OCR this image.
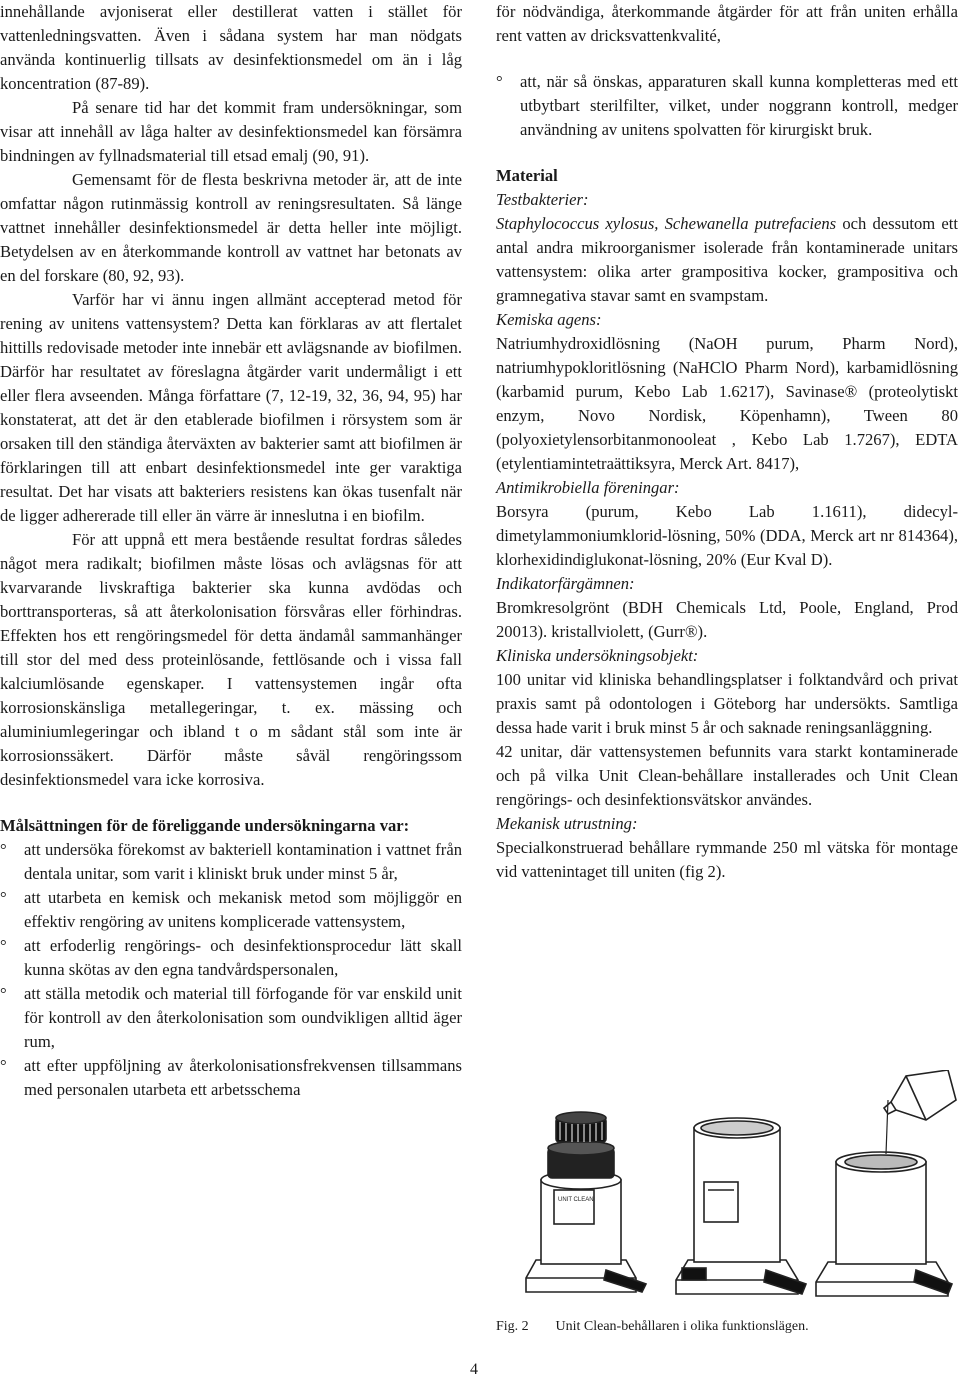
innehållande avjoniserat eller destillerat vatten i stället för vattenledningsvatten. Även i sådana system har man nödgats använda kontinuerlig tillsats av desinfektionsmedel om än i låg koncentration (87-89).

På senare tid har det kommit fram undersökningar, som visar att innehåll av låga halter av desinfektionsmedel kan försämra bindningen av fyllnadsmaterial till etsad emalj (90, 91).

Gemensamt för de flesta beskrivna metoder är, att de inte omfattar någon rutinmässig kontroll av reningsresultaten. Så länge vattnet innehåller desinfektionsmedel är detta heller inte möjligt. Betydelsen av en återkommande kontroll av vattnet har betonats av en del forskare (80, 92, 93).

Varför har vi ännu ingen allmänt accepterad metod för rening av unitens vattensystem? Detta kan förklaras av att flertalet hittills redovisade metoder inte innebär ett avlägsnande av biofilmen. Därför har resultatet av föreslagna åtgärder varit undermåligt i ett eller flera avseenden. Många författare (7, 12-19, 32, 36, 94, 95) har konstaterat, att det är den etablerade biofilmen i rörsystem som är orsaken till den ständiga återväxten av bakterier samt att biofilmen är förklaringen till att enbart desinfektionsmedel inte ger varaktiga resultat. Det har visats att bakteriers resistens kan ökas tusenfalt när de ligger adhererade till eller än värre är inneslutna i en biofilm.

För att uppnå ett mera bestående resultat fordras således något mera radikalt; biofilmen måste lösas och avlägsnas för att kvarvarande livskraftiga bakterier ska kunna avdödas och borttransporteras, så att återkolonisation försvåras eller förhindras. Effekten hos ett rengöringsmedel för detta ändamål sammanhänger till stor del med dess proteinlösande, fettlösande och i vissa fall kalciumlösande egenskaper. I vattensystemen ingår ofta korrosionskänsliga metallegeringar, t. ex. mässing och aluminiumlegeringar och ibland t o m sådant stål som inte är korrosionssäkert. Därför måste såväl rengöringssom desinfektionsmedel vara icke korrosiva.

Målsättningen för de föreliggande undersökningarna var:

° att undersöka förekomst av bakteriell kontamination i vattnet från dentala unitar, som varit i kliniskt bruk under minst 5 år,
° att utarbeta en kemisk och mekanisk metod som möjliggör en effektiv rengöring av unitens komplicerade vattensystem,
° att erfoderlig rengörings- och desinfektionsprocedur lätt skall kunna skötas av den egna tandvårdspersonalen,
° att ställa metodik och material till förfogande för var enskild unit för kontroll av den återkolonisation som oundvikligen alltid äger rum,
° att efter uppföljning av återkolonisationsfrekvensen tillsammans med personalen utarbeta ett arbetsschema

för nödvändiga, återkommande åtgärder för att från uniten erhålla rent vatten av dricksvattenkvalité,

° att, när så önskas, apparaturen skall kunna kompletteras med ett utbytbart sterilfilter, vilket, under noggrann kontroll, medger användning av unitens spolvatten för kirurgiskt bruk.

Material

Testbakterier:

Staphylococcus xylosus, Schewanella putrefaciens och dessutom ett antal andra mikroorganismer isolerade från kontaminerade unitars vattensystem: olika arter grampositiva kocker, grampositiva och gramnegativa stavar samt en svampstam.

Kemiska agens:

Natriumhydroxidlösning (NaOH purum, Pharm Nord), natriumhypokloritlösning (NaHClO Pharm Nord), karbamidlösning (karbamid purum, Kebo Lab 1.6217), Savinase® (proteolytiskt enzym, Novo Nordisk, Köpenhamn), Tween 80 (polyoxietylensorbitanmonooleat , Kebo Lab 1.7267), EDTA (etylentiamintetraättiksyra, Merck Art. 8417),

Antimikrobiella föreningar:

Borsyra (purum, Kebo Lab 1.1611), didecyl-dimetylammoniumklorid-lösning, 50% (DDA, Merck art nr 814364), klorhexidindiglukonat-lösning, 20% (Eur Kval D).

Indikatorfärgämnen:

Bromkresolgrönt (BDH Chemicals Ltd, Poole, England, Prod 20013). kristallviolett, (Gurr®).

Kliniska undersökningsobjekt:

100 unitar vid kliniska behandlingsplatser i folktandvård och privat praxis samt på odontologen i Göteborg har undersökts. Samtliga dessa hade varit i bruk minst 5 år och saknade reningsanläggning.

42 unitar, där vattensystemen befunnits vara starkt kontaminerade och på vilka Unit Clean-behållare installerades och Unit Clean rengörings- och desinfektionsvätskor användes.

Mekanisk utrustning:

Specialkonstruerad behållare rymmande 250 ml vätska för montage vid vattenintaget till uniten (fig 2).

UNIT CLEAN
Fig. 2 Unit Clean-behållaren i olika funktionslägen.
4
